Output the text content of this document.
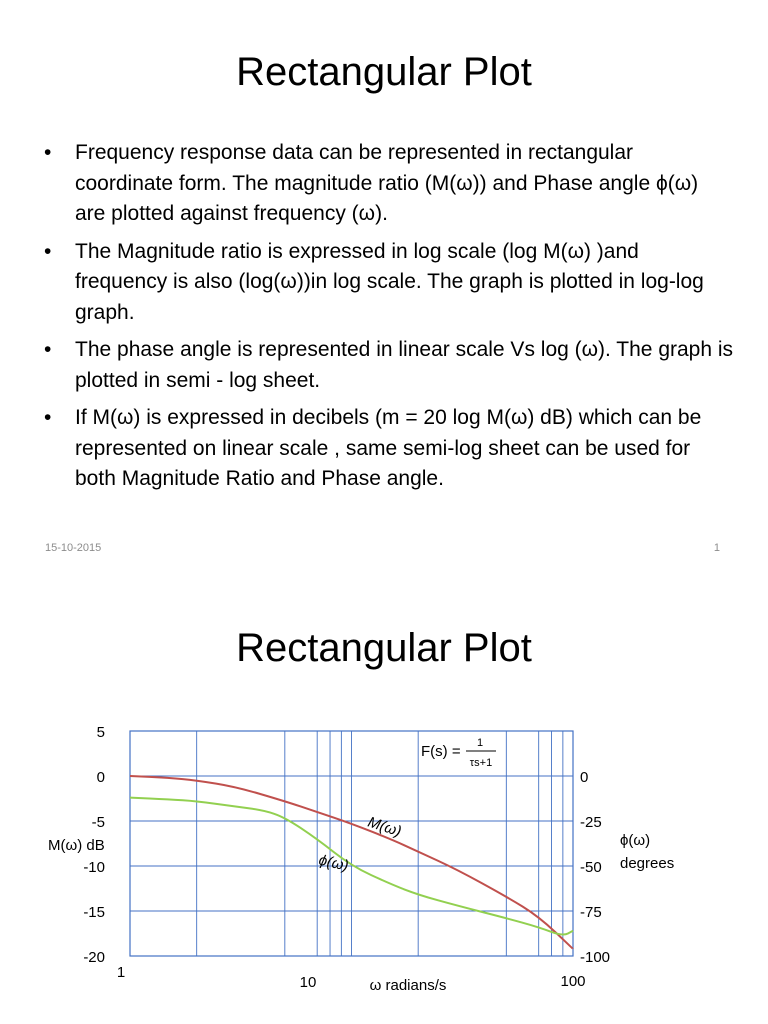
Rectangular Plot
• Frequency response data can be represented in rectangular coordinate form. The magnitude ratio (M(ω)) and Phase angle ϕ(ω) are plotted against frequency (ω).
• The Magnitude ratio is expressed in log scale (log M(ω) )and frequency is also (log(ω))in log scale. The graph is plotted in log-log graph.
• The phase angle is represented in linear scale Vs log (ω). The graph is plotted in semi - log sheet.
• If M(ω) is expressed in decibels (m = 20 log M(ω) dB) which can be represented on linear scale , same semi-log sheet can be used for both Magnitude Ratio and Phase angle.
15-10-2015	1
Rectangular Plot
5
0
-5
-10
-15
-20
0
-25
-50
-75
-100
1
10	100
M(ω)
ϕ(ω)
F(s) = 1
τs+1
M(ω) dB	ϕ(ω)
degrees
ω radians/s
